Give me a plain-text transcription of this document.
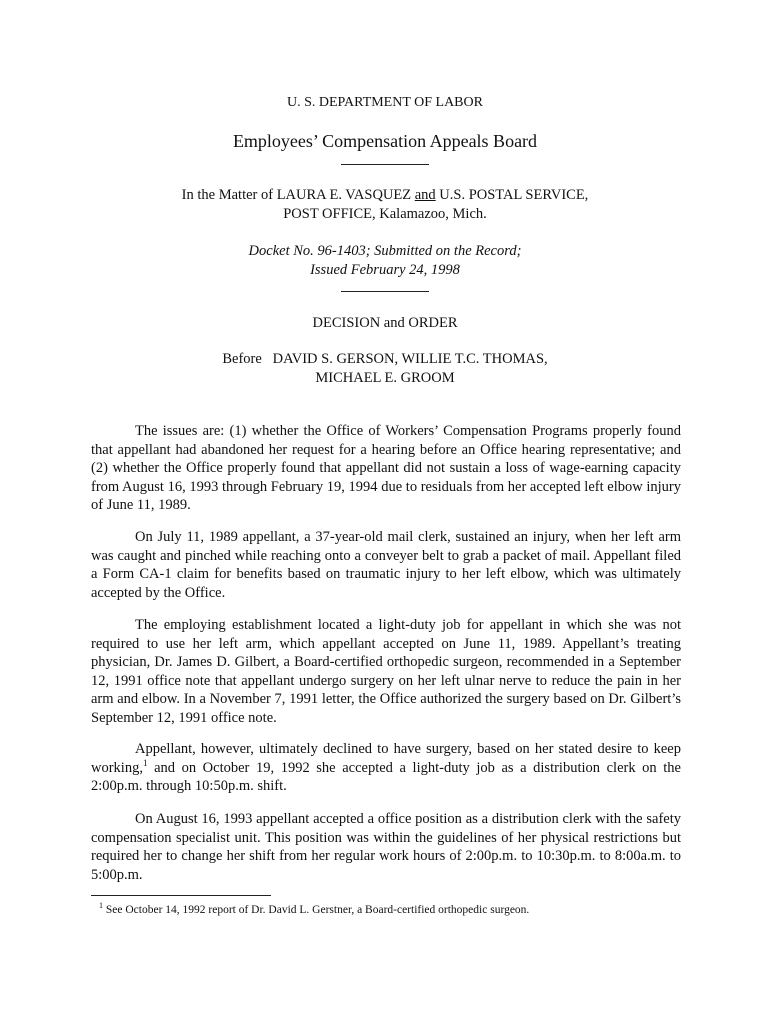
U. S. DEPARTMENT OF LABOR
Employees’ Compensation Appeals Board
In the Matter of LAURA E. VASQUEZ and U.S. POSTAL SERVICE,
POST OFFICE, Kalamazoo, Mich.
Docket No. 96-1403; Submitted on the Record;
Issued February 24, 1998
DECISION and ORDER
Before   DAVID S. GERSON, WILLIE T.C. THOMAS,
MICHAEL E. GROOM

The issues are: (1) whether the Office of Workers’ Compensation Programs properly found that appellant had abandoned her request for a hearing before an Office hearing representative; and (2) whether the Office properly found that appellant did not sustain a loss of wage-earning capacity from August 16, 1993 through February 19, 1994 due to residuals from her accepted left elbow injury of June 11, 1989.

On July 11, 1989 appellant, a 37-year-old mail clerk, sustained an injury, when her left arm was caught and pinched while reaching onto a conveyer belt to grab a packet of mail. Appellant filed a Form CA-1 claim for benefits based on traumatic injury to her left elbow, which was ultimately accepted by the Office.

The employing establishment located a light-duty job for appellant in which she was not required to use her left arm, which appellant accepted on June 11, 1989. Appellant’s treating physician, Dr. James D. Gilbert, a Board-certified orthopedic surgeon, recommended in a September 12, 1991 office note that appellant undergo surgery on her left ulnar nerve to reduce the pain in her arm and elbow. In a November 7, 1991 letter, the Office authorized the surgery based on Dr. Gilbert’s September 12, 1991 office note.

Appellant, however, ultimately declined to have surgery, based on her stated desire to keep working,$^1$ and on October 19, 1992 she accepted a light-duty job as a distribution clerk on the 2:00p.m. through 10:50p.m. shift.

On August 16, 1993 appellant accepted a office position as a distribution clerk with the safety compensation specialist unit. This position was within the guidelines of her physical restrictions but required her to change her shift from her regular work hours of 2:00p.m. to 10:30p.m. to 8:00a.m. to 5:00p.m.

$^1$ See October 14, 1992 report of Dr. David L. Gerstner, a Board-certified orthopedic surgeon.
